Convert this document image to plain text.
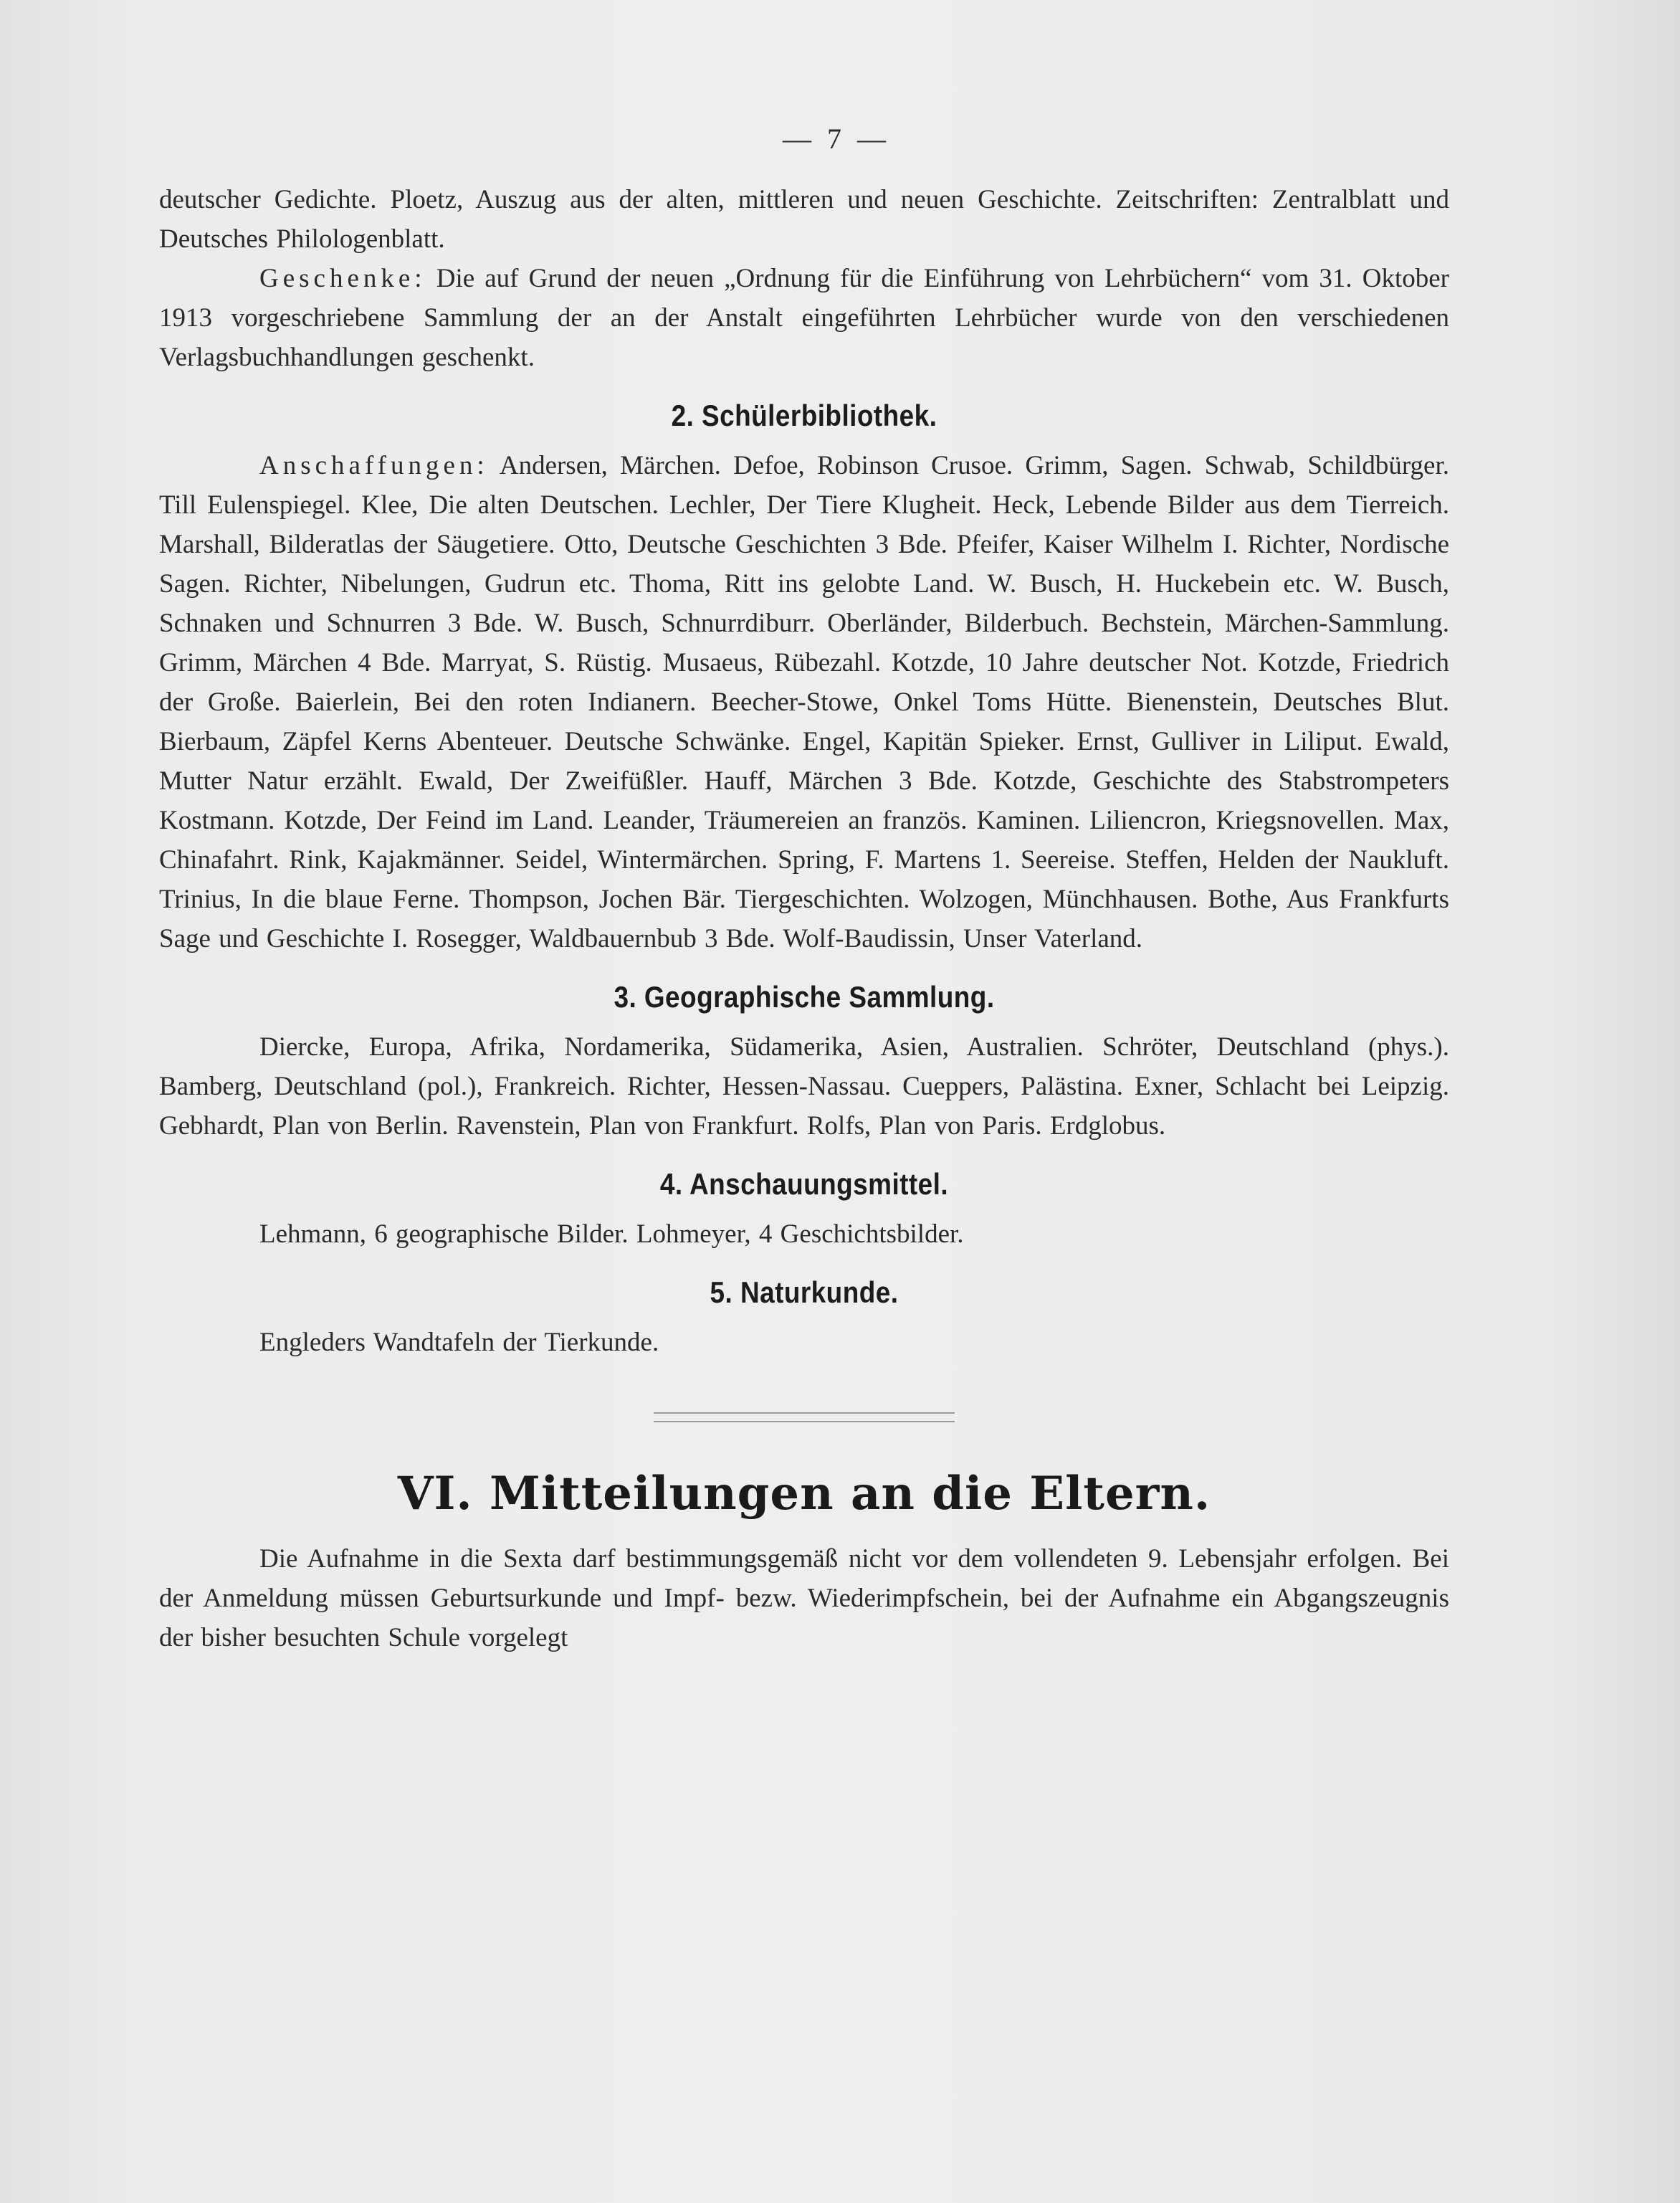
— 7 —

deutscher Gedichte. Ploetz, Auszug aus der alten, mittleren und neuen Geschichte. Zeitschriften: Zentralblatt und Deutsches Philologenblatt.

Geschenke: Die auf Grund der neuen „Ordnung für die Einführung von Lehrbüchern“ vom 31. Oktober 1913 vorgeschriebene Sammlung der an der Anstalt eingeführten Lehrbücher wurde von den verschiedenen Verlagsbuchhandlungen geschenkt.

2. Schülerbibliothek.

Anschaffungen: Andersen, Märchen. Defoe, Robinson Crusoe. Grimm, Sagen. Schwab, Schildbürger. Till Eulenspiegel. Klee, Die alten Deutschen. Lechler, Der Tiere Klugheit. Heck, Lebende Bilder aus dem Tierreich. Marshall, Bilderatlas der Säugetiere. Otto, Deutsche Geschichten 3 Bde. Pfeifer, Kaiser Wilhelm I. Richter, Nordische Sagen. Richter, Nibelungen, Gudrun etc. Thoma, Ritt ins gelobte Land. W. Busch, H. Huckebein etc. W. Busch, Schnaken und Schnurren 3 Bde. W. Busch, Schnurrdiburr. Oberländer, Bilderbuch. Bechstein, Märchen-Sammlung. Grimm, Märchen 4 Bde. Marryat, S. Rüstig. Musaeus, Rübezahl. Kotzde, 10 Jahre deutscher Not. Kotzde, Friedrich der Große. Baierlein, Bei den roten Indianern. Beecher-Stowe, Onkel Toms Hütte. Bienenstein, Deutsches Blut. Bierbaum, Zäpfel Kerns Abenteuer. Deutsche Schwänke. Engel, Kapitän Spieker. Ernst, Gulliver in Liliput. Ewald, Mutter Natur erzählt. Ewald, Der Zweifüßler. Hauff, Märchen 3 Bde. Kotzde, Geschichte des Stabstrompeters Kostmann. Kotzde, Der Feind im Land. Leander, Träumereien an französ. Kaminen. Liliencron, Kriegsnovellen. Max, Chinafahrt. Rink, Kajakmänner. Seidel, Wintermärchen. Spring, F. Martens 1. Seereise. Steffen, Helden der Naukluft. Trinius, In die blaue Ferne. Thompson, Jochen Bär. Tiergeschichten. Wolzogen, Münchhausen. Bothe, Aus Frankfurts Sage und Geschichte I. Rosegger, Waldbauernbub 3 Bde. Wolf-Baudissin, Unser Vaterland.

3. Geographische Sammlung.

Diercke, Europa, Afrika, Nordamerika, Südamerika, Asien, Australien. Schröter, Deutschland (phys.). Bamberg, Deutschland (pol.), Frankreich. Richter, Hessen-Nassau. Cueppers, Palästina. Exner, Schlacht bei Leipzig. Gebhardt, Plan von Berlin. Ravenstein, Plan von Frankfurt. Rolfs, Plan von Paris. Erdglobus.

4. Anschauungsmittel.

Lehmann, 6 geographische Bilder. Lohmeyer, 4 Geschichtsbilder.

5. Naturkunde.

Engleders Wandtafeln der Tierkunde.

VI. Mitteilungen an die Eltern.

Die Aufnahme in die Sexta darf bestimmungsgemäß nicht vor dem vollendeten 9. Lebensjahr erfolgen. Bei der Anmeldung müssen Geburtsurkunde und Impf- bezw. Wiederimpfschein, bei der Aufnahme ein Abgangszeugnis der bisher besuchten Schule vorgelegt
